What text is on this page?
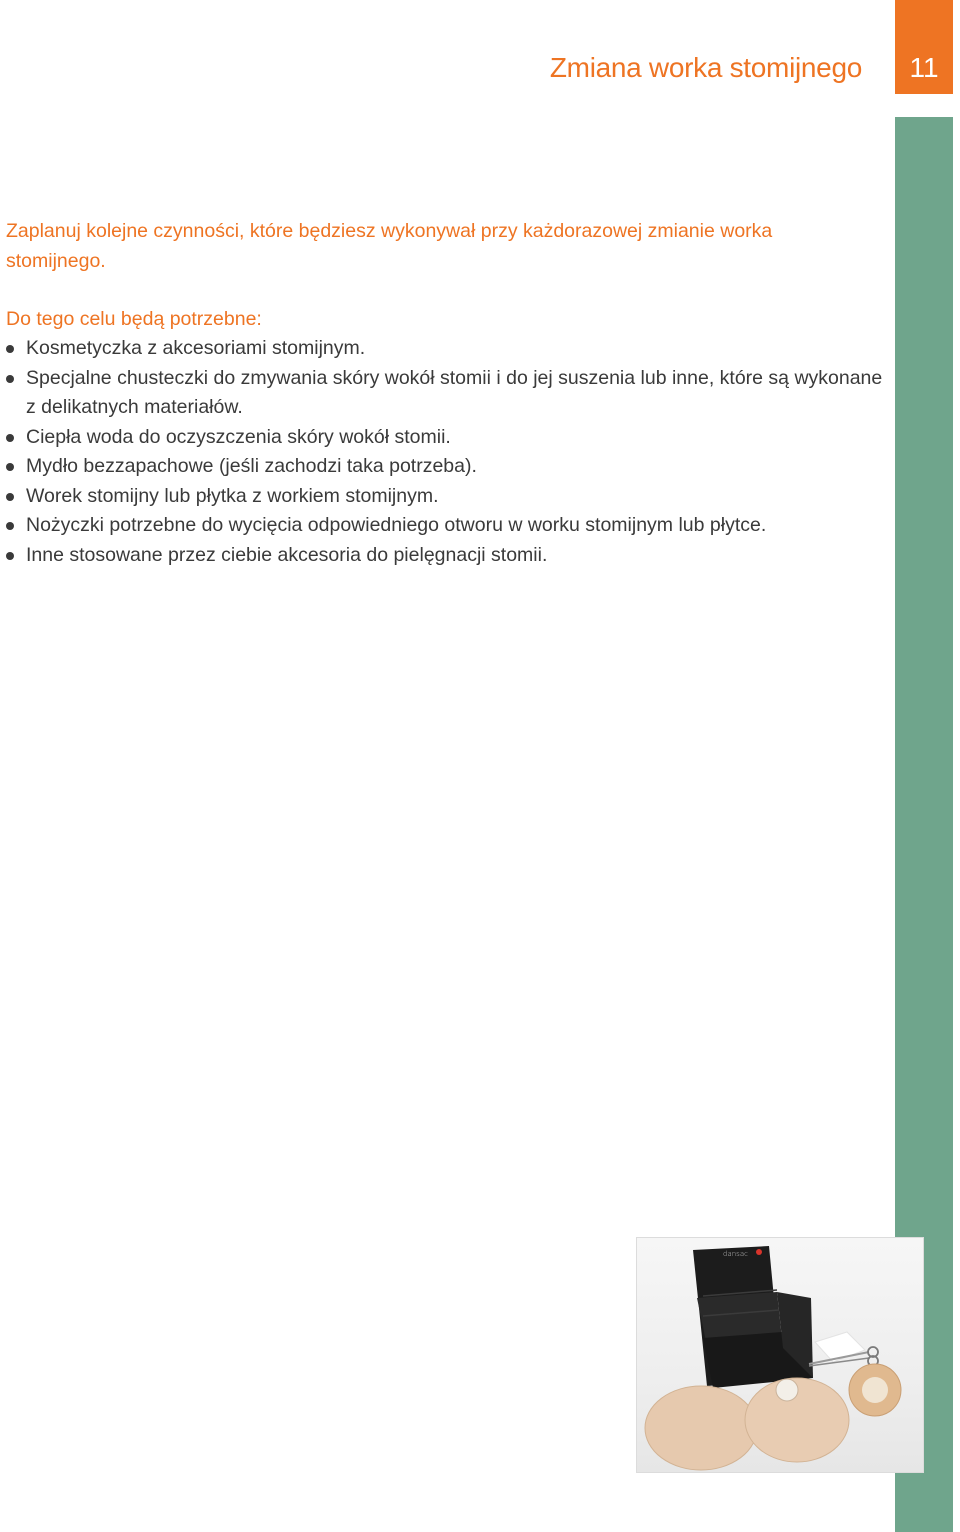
Zmiana worka stomijnego 11

Zaplanuj kolejne czynności, które będziesz wykonywał przy każdorazowej zmianie worka stomijnego.

Do tego celu będą potrzebne:

Kosmetyczka z akcesoriami stomijnym.
Specjalne chusteczki do zmywania skóry wokół stomii i do jej suszenia lub inne, które są wykonane z delikatnych materiałów.
Ciepła woda do oczyszczenia skóry wokół stomii.
Mydło bezzapachowe (jeśli zachodzi taka potrzeba).
Worek stomijny lub płytka z workiem stomijnym.
Nożyczki potrzebne do wycięcia odpowiedniego otworu w worku stomijnym lub płytce.
Inne stosowane przez ciebie akcesoria do pielęgnacji stomii.
dansac
